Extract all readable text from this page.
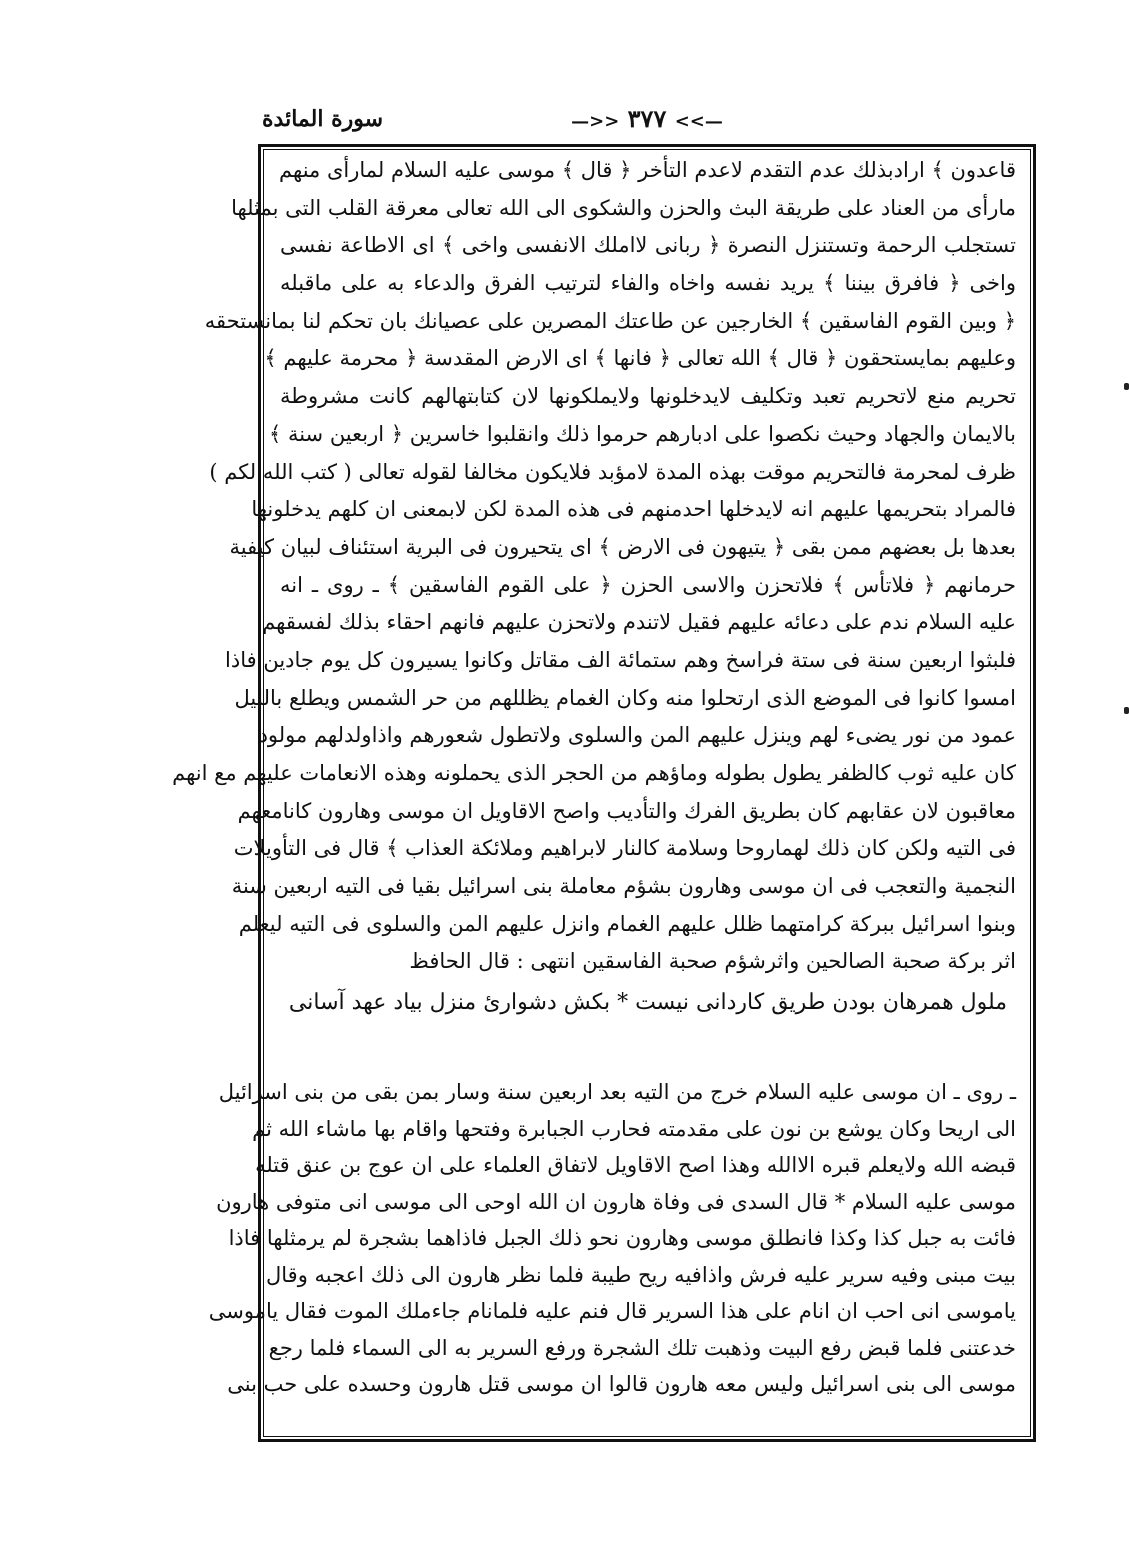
سورة المائدة	—>> ٣٧٧ <<—
قاعدون ﴾ ارادبذلك عدم التقدم لاعدم التأخر ﴿ قال ﴾ موسى عليه السلام لمارأى منهم
مارأى من العناد على طريقة البث والحزن والشكوى الى الله تعالى معرقة القلب التى بمثلها
تستجلب الرحمة وتستنزل النصرة ﴿ ربانى لااملك الانفسى واخى ﴾ اى الاطاعة نفسى
واخى ﴿ فافرق بيننا ﴾ يريد نفسه واخاه والفاء لترتيب الفرق والدعاء به على ماقبله
﴿ وبين القوم الفاسقين ﴾ الخارجين عن طاعتك المصرين على عصيانك بان تحكم لنا بمانستحقه
وعليهم بمايستحقون ﴿ قال ﴾ الله تعالى ﴿ فانها ﴾ اى الارض المقدسة ﴿ محرمة عليهم ﴾
تحريم منع لاتحريم تعبد وتكليف لايدخلونها ولايملكونها لان كتابتهالهم كانت مشروطة
بالايمان والجهاد وحيث نكصوا على ادبارهم حرموا ذلك وانقلبوا خاسرين ﴿ اربعين سنة ﴾
ظرف لمحرمة فالتحريم موقت بهذه المدة لامؤبد فلايكون مخالفا لقوله تعالى ( كتب الله لكم )
فالمراد بتحريمها عليهم انه لايدخلها احدمنهم فى هذه المدة لكن لابمعنى ان كلهم يدخلونها
بعدها بل بعضهم ممن بقى ﴿ يتيهون فى الارض ﴾ اى يتحيرون فى البرية استئناف لبيان كيفية
حرمانهم ﴿ فلاتأس ﴾ فلاتحزن والاسى الحزن ﴿ على القوم الفاسقين ﴾ ـ روى ـ انه
عليه السلام ندم على دعائه عليهم فقيل لاتندم ولاتحزن عليهم فانهم احقاء بذلك لفسقهم
فلبثوا اربعين سنة فى ستة فراسخ وهم ستمائة الف مقاتل وكانوا يسيرون كل يوم جادين فاذا
امسوا كانوا فى الموضع الذى ارتحلوا منه وكان الغمام يظللهم من حر الشمس ويطلع بالليل
عمود من نور يضىء لهم وينزل عليهم المن والسلوى ولاتطول شعورهم واذاولدلهم مولود
كان عليه ثوب كالظفر يطول بطوله وماؤهم من الحجر الذى يحملونه وهذه الانعامات عليهم مع انهم
معاقبون لان عقابهم كان بطريق الفرك والتأديب واصح الاقاويل ان موسى وهارون كانامعهم
فى التيه ولكن كان ذلك لهماروحا وسلامة كالنار لابراهيم وملائكة العذاب ﴾ قال فى التأويلات
النجمية والتعجب فى ان موسى وهارون بشؤم معاملة بنى اسرائيل بقيا فى التيه اربعين سنة
وبنوا اسرائيل ببركة كرامتهما ظلل عليهم الغمام وانزل عليهم المن والسلوى فى التيه ليعلم
اثر بركة صحبة الصالحين واثرشؤم صحبة الفاسقين انتهى : قال الحافظ
ملول همرهان بودن طريق كاردانى نيست * بكش دشوارئ منزل بياد عهد آسانى
ـ روى ـ ان موسى عليه السلام خرج من التيه بعد اربعين سنة وسار بمن بقى من بنى اسرائيل
الى اريحا وكان يوشع بن نون على مقدمته فحارب الجبابرة وفتحها واقام بها ماشاء الله ثم
قبضه الله ولايعلم قبره الاالله وهذا اصح الاقاويل لاتفاق العلماء على ان عوج بن عنق قتله
موسى عليه السلام * قال السدى فى وفاة هارون ان الله اوحى الى موسى انى متوفى هارون
فائت به جبل كذا وكذا فانطلق موسى وهارون نحو ذلك الجبل فاذاهما بشجرة لم يرمثلها فاذا
بيت مبنى وفيه سرير عليه فرش واذافيه ريح طيبة فلما نظر هارون الى ذلك اعجبه وقال
ياموسى انى احب ان انام على هذا السرير قال فنم عليه فلمانام جاءملك الموت فقال ياموسى
خدعتنى فلما قبض رفع البيت وذهبت تلك الشجرة ورفع السرير به الى السماء فلما رجع
موسى الى بنى اسرائيل وليس معه هارون قالوا ان موسى قتل هارون وحسده على حب بنى
